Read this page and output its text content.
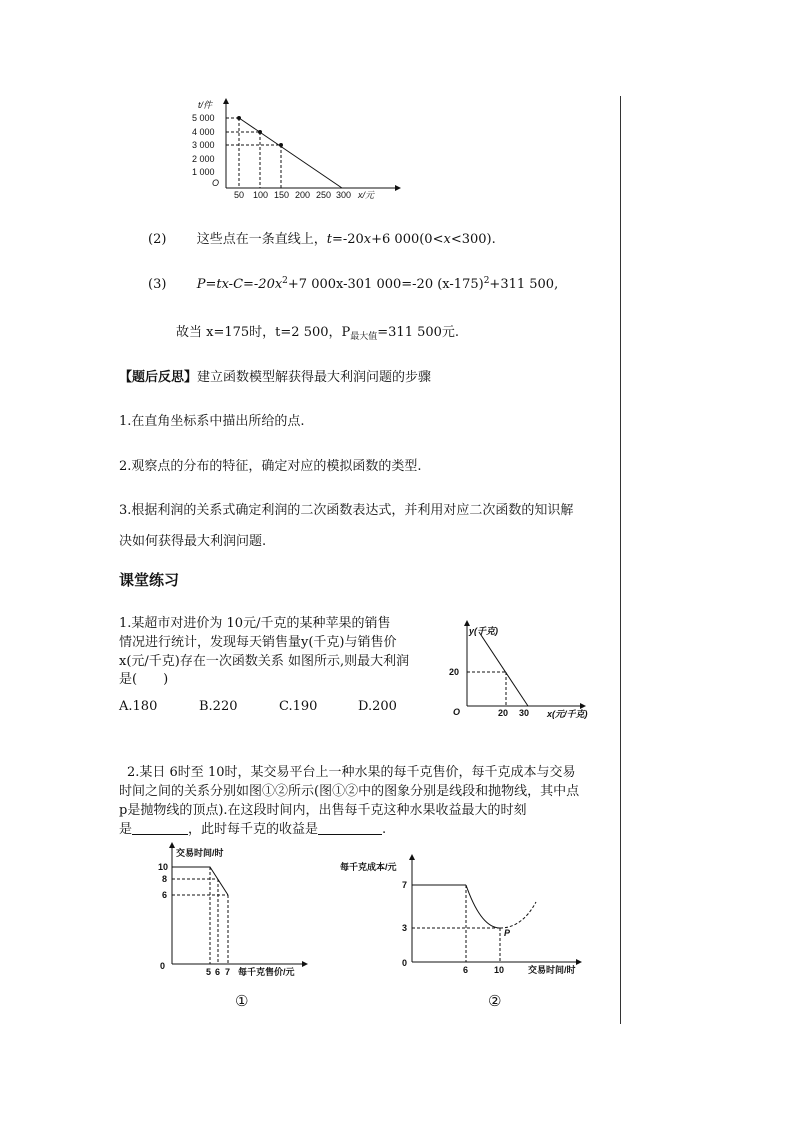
t/件
5 000
4 000
3 000
2 000
1 000
O
50 100 150 200 250 300 x/元
(2) 这些点在一条直线上，t=-20x+6 000(0<x<300).
(3) $P=tx-C=-20x^2+7$ 000x-301 000=-20 $(x-175)^2+311$ 500,
故当 x=175时，t=2 500，$P_{最大值}=311$ 500元.
【题后反思】建立函数模型解获得最大利润问题的步骤
1.在直角坐标系中描出所给的点.
2.观察点的分布的特征，确定对应的模拟函数的类型.
3.根据利润的关系式确定利润的二次函数表达式，并利用对应二次函数的知识解
决如何获得最大利润问题.
课堂练习
1.某超市对进价为 10元/千克的某种苹果的销售
情况进行统计，发现每天销售量y(千克)与销售价
x(元/千克)存在一次函数关系 如图所示,则最大利润
是(　　)
A.180	B.220	C.190	D.200
y(千克)
20
O	20 30 x(元/千克)
2.某日 6时至 10时，某交易平台上一种水果的每千克售价，每千克成本与交易
时间之间的关系分别如图①②所示(图①②中的图象分别是线段和抛物线，其中点
p是抛物线的顶点).在这段时间内，出售每千克这种水果收益最大的时刻
是	，此时每千克的收益是	.
交易时间/时
10
8
6
0
5 6 7 每千克售价/元
①
每千克成本/元
7
3
0
6	10	交易时间/时
P
②
